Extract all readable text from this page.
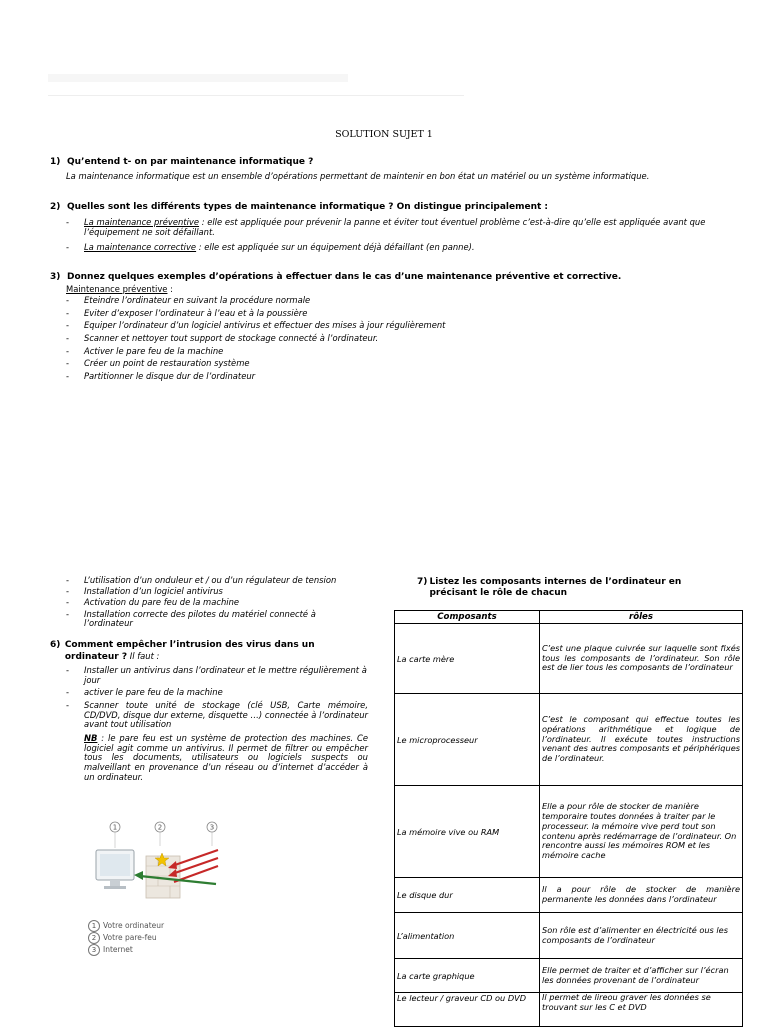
SOLUTION SUJET 1
1) Qu’entend t- on par maintenance informatique ?
La maintenance informatique est un ensemble d’opérations permettant de maintenir en bon état un matériel ou un système informatique.
2) Quelles sont les différents types de maintenance informatique ? On distingue principalement :
- La maintenance préventive : elle est appliquée pour prévenir la panne et éviter tout éventuel problème c’est-à-dire qu’elle est appliquée avant que l’équipement ne soit défaillant.
- La maintenance corrective : elle est appliquée sur un équipement déjà défaillant (en panne).
3) Donnez quelques exemples d’opérations à effectuer dans le cas d’une maintenance préventive et corrective.
Maintenance préventive :
- Eteindre l’ordinateur en suivant la procédure normale
- Eviter d’exposer l’ordinateur à l’eau et à la poussière
- Equiper l’ordinateur d’un logiciel antivirus et effectuer des mises à jour régulièrement
- Scanner et nettoyer tout support de stockage connecté à l’ordinateur.
- Activer le pare feu de la machine
- Créer un point de restauration système
- Partitionner le disque dur de l’ordinateur
- L’utilisation d’un onduleur et / ou d’un régulateur de tension
- Installation d’un logiciel antivirus
- Activation du pare feu de la machine
- Installation correcte des pilotes du matériel connecté à l’ordinateur
6) Comment empêcher l’intrusion des virus dans un ordinateur ? Il faut :
- Installer un antivirus dans l’ordinateur et le mettre régulièrement à jour
- activer le pare feu de la machine
- Scanner toute unité de stockage (clé USB, Carte mémoire, CD/DVD, disque dur externe, disquette …) connectée à l’ordinateur avant tout utilisation
NB : le pare feu est un système de protection des machines. Ce logiciel agit comme un antivirus. Il permet de filtrer ou empêcher tous les documents, utilisateurs ou logiciels suspects ou malveillant en provenance d’un réseau ou d’internet d’accéder à un ordinateur.
1	2	3
1 Votre ordinateur
2 Votre pare-feu
3 Internet
7) Listez les composants internes de l’ordinateur en précisant le rôle de chacun
Composants	rôles
La carte mère	C’est une plaque cuivrée sur laquelle sont fixés tous les composants de l’ordinateur. Son rôle est de lier tous les composants de l’ordinateur
Le microprocesseur	C’est le composant qui effectue toutes les opérations arithmétique et logique de l’ordinateur. Il exécute toutes instructions venant des autres composants et périphériques de l’ordinateur.
La mémoire vive ou RAM	Elle a pour rôle de stocker de manière temporaire toutes données à traiter par le processeur. la mémoire vive perd tout son contenu après redémarrage de l’ordinateur. On rencontre aussi les mémoires ROM et les mémoire cache
Le disque dur	Il a pour rôle de stocker de manière permanente les données dans l’ordinateur
L’alimentation	Son rôle est d’alimenter en électricité ous les composants de l’ordinateur
La carte graphique	Elle permet de traiter et d’afficher sur l’écran les données provenant de l’ordinateur
Le lecteur / graveur CD ou DVD	Il permet de lireou graver les données se trouvant sur les C et DVD
